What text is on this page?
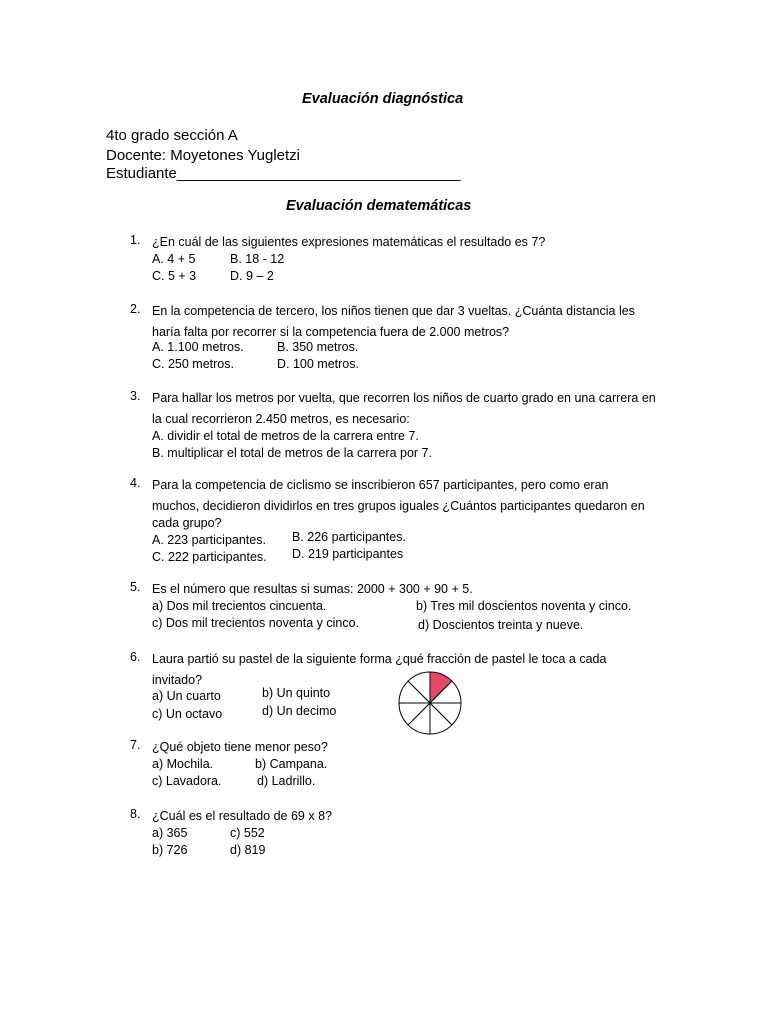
Evaluación diagnóstica
4to grado sección A
Docente: Moyetones Yugletzi
Estudiante__________________________________
Evaluación dematemáticas
1. ¿En cuál de las siguientes expresiones matemáticas el resultado es 7?
A. 4 + 5	B. 18 - 12
C. 5 + 3	D. 9 – 2
2. En la competencia de tercero, los niños tienen que dar 3 vueltas. ¿Cuánta distancia les
haría falta por recorrer si la competencia fuera de 2.000 metros?
A. 1.100 metros.	B. 350 metros.
C. 250 metros.	D. 100 metros.
3. Para hallar los metros por vuelta, que recorren los niños de cuarto grado en una carrera en
la cual recorrieron 2.450 metros, es necesario:
A. dividir el total de metros de la carrera entre 7.
B. multiplicar el total de metros de la carrera por 7.
4. Para la competencia de ciclismo se inscribieron 657 participantes, pero como eran
muchos, decidieron dividirlos en tres grupos iguales ¿Cuántos participantes quedaron en
cada grupo?
A. 223 participantes. B. 226 participantes.
C. 222 participantes. D. 219 participantes
5. Es el número que resultas si sumas: 2000 + 300 + 90 + 5.
a) Dos mil trecientos cincuenta.	b) Tres mil doscientos noventa y cinco.
c) Dos mil trecientos noventa y cinco.	d) Doscientos treinta y nueve.
6. Laura partió su pastel de la siguiente forma ¿qué fracción de pastel le toca a cada
invitado?
a) Un cuarto	b) Un quinto
c) Un octavo	d) Un decimo
7. ¿Qué objeto tiene menor peso?
a) Mochila.	b) Campana.
c) Lavadora.	d) Ladrillo.
8. ¿Cuál es el resultado de 69 x 8?
a) 365	c) 552
b) 726	d) 819
